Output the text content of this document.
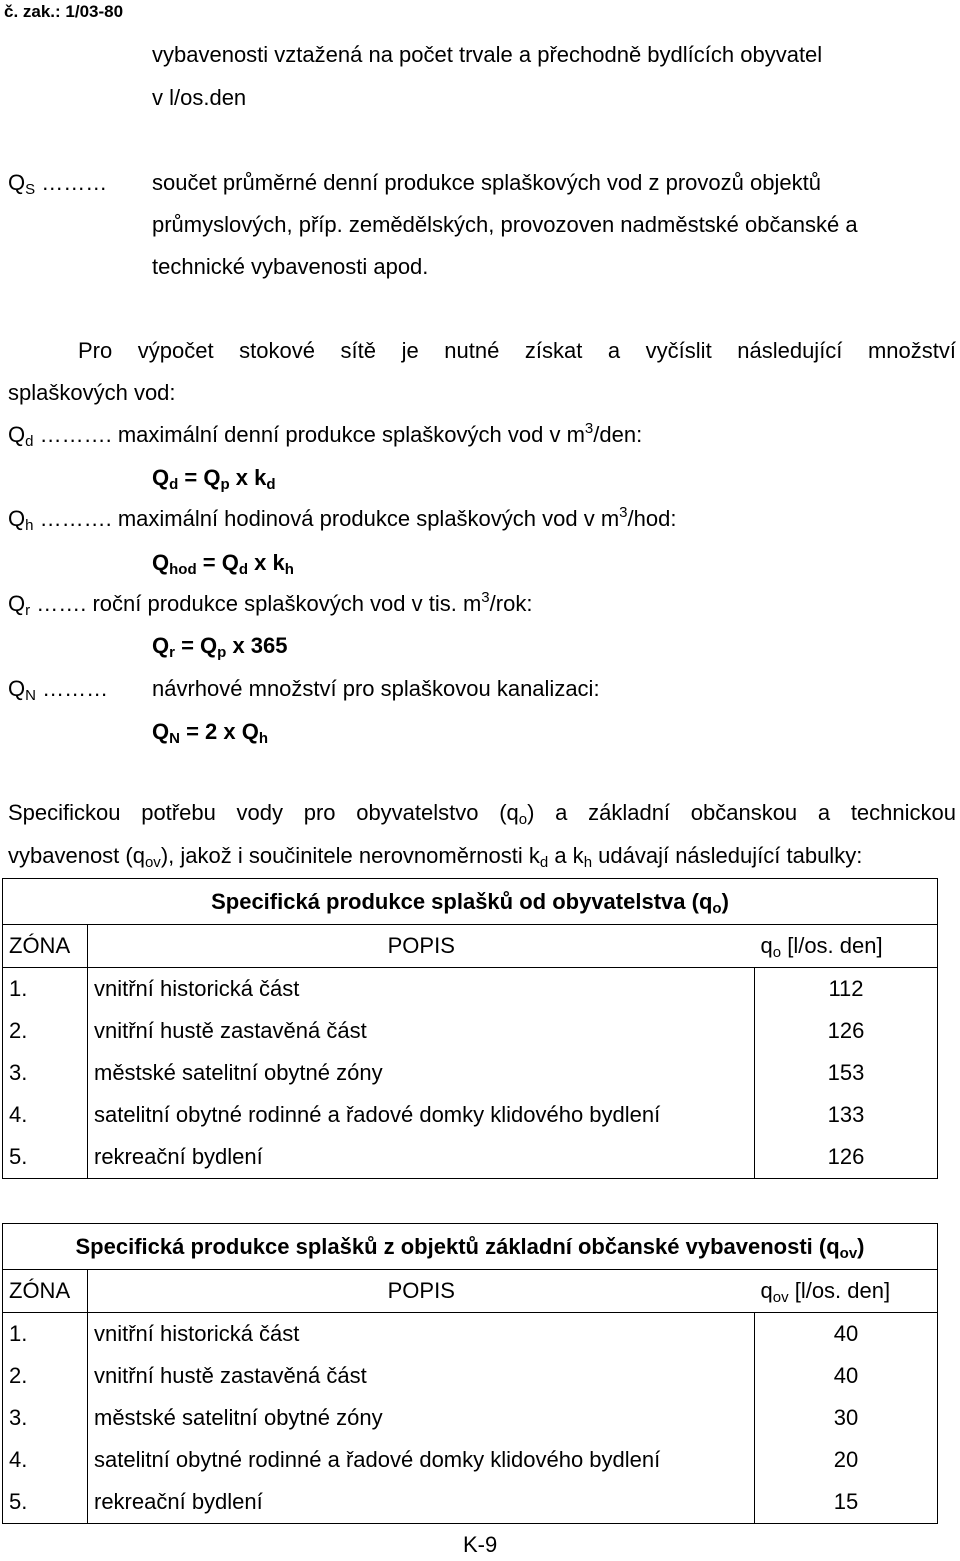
č. zak.: 1/03-80
vybavenosti vztažená na počet trvale a přechodně bydlících obyvatel
v l/os.den
$Q_S$ ……… součet průměrné denní produkce splaškových vod z provozů objektů
průmyslových, příp. zemědělských, provozoven nadměstské občanské a
technické vybavenosti apod.
Pro výpočet stokové sítě je nutné získat a vyčíslit následující množství
splaškových vod:
$Q_d$ ………. maximální denní produkce splaškových vod v $m^3$/den:
$Q_d = Q_p$ x $k_d$
$Q_h$ ………. maximální hodinová produkce splaškových vod v $m^3$/hod:
$Q_{hod} = Q_d$ x $k_h$
$Q_r$ ……. roční produkce splaškových vod v tis. $m^3$/rok:
$Q_r = Q_p$ x 365
$Q_N$ ……… návrhové množství pro splaškovou kanalizaci:
$Q_N = 2$ x $Q_h$
Specifickou potřebu vody pro obyvatelstvo $(q_o)$ a základní občanskou a technickou
vybavenost $(q_{ov})$, jakož i součinitele nerovnoměrnosti $k_d$ a $k_h$ udávají následující tabulky:
Specifická produkce splašků od obyvatelstva $(q_o)$		
ZÓNA	POPIS	$q_o$ [l/os. den]
1.	vnitřní historická část	112
2.	vnitřní hustě zastavěná část	126
3.	městské satelitní obytné zóny	153
4.	satelitní obytné rodinné a řadové domky klidového bydlení	133
5.	rekreační bydlení	126
Specifická produkce splašků z objektů základní občanské vybavenosti $(q_{ov})$		
ZÓNA	POPIS	$q_{ov}$ [l/os. den]
1.	vnitřní historická část	40
2.	vnitřní hustě zastavěná část	40
3.	městské satelitní obytné zóny	30
4.	satelitní obytné rodinné a řadové domky klidového bydlení	20
5.	rekreační bydlení	15
K-9
